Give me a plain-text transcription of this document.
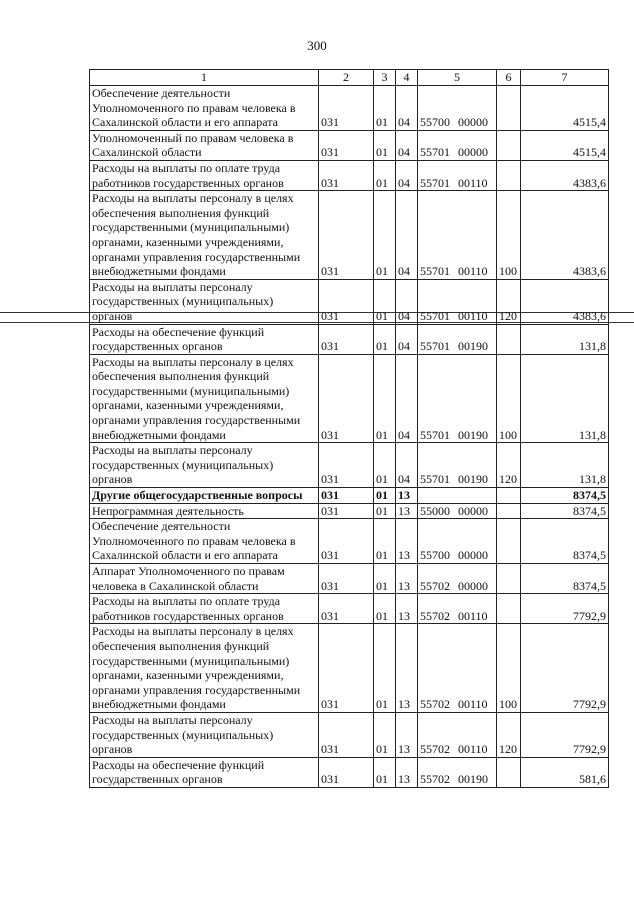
300
1	2	3	4	5	6	7
Обеспечение деятельности Уполномоченного по правам человека в Сахалинской области и его аппарата	031	01	04	55700 00000		4515,4
Уполномоченный по правам человека в Сахалинской области	031	01	04	55701 00000		4515,4
Расходы на выплаты по оплате труда работников государственных органов	031	01	04	55701 00110		4383,6
Расходы на выплаты персоналу в целях обеспечения выполнения функций государственными (муниципальными) органами, казенными учреждениями, органами управления государственными внебюджетными фондами	031	01	04	55701 00110	100	4383,6
Расходы на выплаты персоналу государственных (муниципальных) органов	031	01	04	55701 00110	120	4383,6
Расходы на обеспечение функций государственных органов	031	01	04	55701 00190		131,8
Расходы на выплаты персоналу в целях обеспечения выполнения функций государственными (муниципальными) органами, казенными учреждениями, органами управления государственными внебюджетными фондами	031	01	04	55701 00190	100	131,8
Расходы на выплаты персоналу государственных (муниципальных) органов	031	01	04	55701 00190	120	131,8
Другие общегосударственные вопросы	031	01	13			8374,5
Непрограммная деятельность	031	01	13	55000 00000		8374,5
Обеспечение деятельности Уполномоченного по правам человека в Сахалинской области и его аппарата	031	01	13	55700 00000		8374,5
Аппарат Уполномоченного по правам человека в Сахалинской области	031	01	13	55702 00000		8374,5
Расходы на выплаты по оплате труда работников государственных органов	031	01	13	55702 00110		7792,9
Расходы на выплаты персоналу в целях обеспечения выполнения функций государственными (муниципальными) органами, казенными учреждениями, органами управления государственными внебюджетными фондами	031	01	13	55702 00110	100	7792,9
Расходы на выплаты персоналу государственных (муниципальных) органов	031	01	13	55702 00110	120	7792,9
Расходы на обеспечение функций государственных органов	031	01	13	55702 00190		581,6
